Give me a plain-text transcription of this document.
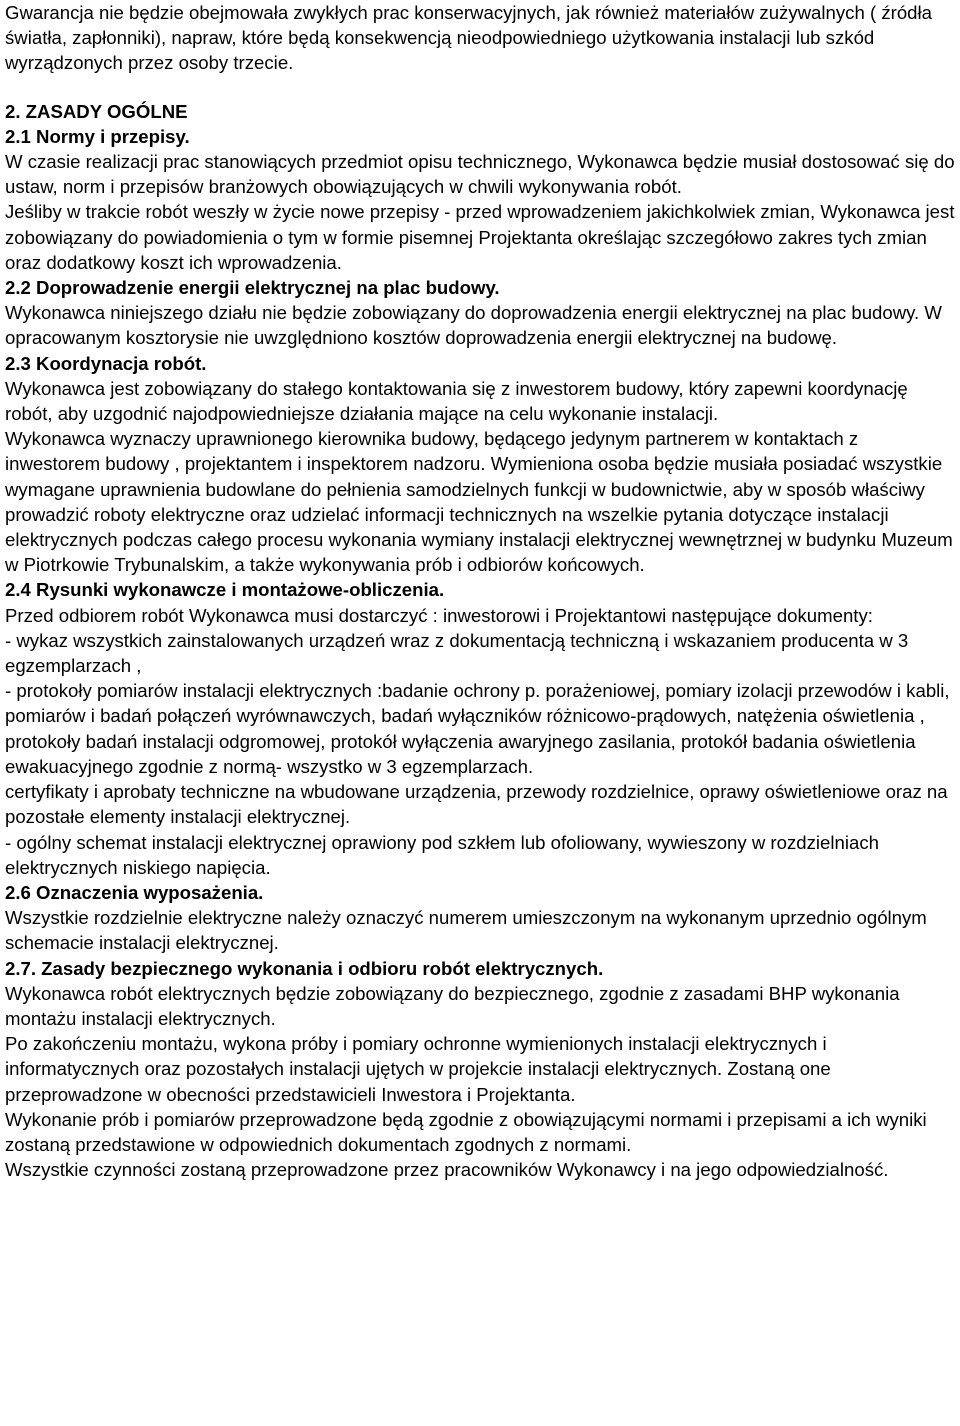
Gwarancja nie będzie obejmowała zwykłych prac konserwacyjnych, jak również materiałów zużywalnych ( źródła światła, zapłonniki), napraw, które będą konsekwencją nieodpowiedniego użytkowania instalacji lub szkód wyrządzonych przez osoby trzecie.

2. ZASADY OGÓLNE

2.1 Normy i przepisy.

W czasie realizacji prac stanowiących przedmiot opisu technicznego, Wykonawca będzie musiał dostosować się do ustaw, norm i przepisów branżowych obowiązujących w chwili wykonywania robót.

Jeśliby w trakcie robót weszły w życie nowe przepisy - przed wprowadzeniem jakichkolwiek zmian, Wykonawca jest zobowiązany do powiadomienia o tym w formie pisemnej Projektanta określając szczegółowo zakres tych zmian oraz dodatkowy koszt ich wprowadzenia.

2.2 Doprowadzenie energii elektrycznej na plac budowy.

Wykonawca niniejszego działu nie będzie zobowiązany do doprowadzenia energii elektrycznej na plac budowy. W opracowanym kosztorysie nie uwzględniono kosztów doprowadzenia energii elektrycznej na budowę.

2.3 Koordynacja robót.

Wykonawca jest zobowiązany do stałego kontaktowania się z inwestorem budowy, który zapewni koordynację robót, aby uzgodnić najodpowiedniejsze działania mające na celu wykonanie instalacji.

Wykonawca wyznaczy uprawnionego kierownika budowy, będącego jedynym partnerem w kontaktach z inwestorem budowy , projektantem i inspektorem nadzoru. Wymieniona osoba będzie musiała posiadać wszystkie wymagane uprawnienia budowlane do pełnienia samodzielnych funkcji w budownictwie, aby w sposób właściwy prowadzić roboty elektryczne oraz udzielać informacji technicznych na wszelkie pytania dotyczące instalacji elektrycznych podczas całego procesu wykonania wymiany instalacji elektrycznej wewnętrznej w budynku Muzeum w Piotrkowie Trybunalskim, a także wykonywania prób i odbiorów końcowych.

2.4 Rysunki wykonawcze i montażowe-obliczenia.

Przed odbiorem robót Wykonawca musi dostarczyć : inwestorowi i Projektantowi następujące dokumenty:

- wykaz wszystkich zainstalowanych urządzeń wraz z dokumentacją techniczną i wskazaniem producenta w 3 egzemplarzach ,

- protokoły pomiarów instalacji elektrycznych :badanie ochrony p. porażeniowej, pomiary izolacji przewodów i kabli, pomiarów i badań połączeń wyrównawczych, badań wyłączników różnicowo-prądowych, natężenia oświetlenia , protokoły badań instalacji odgromowej, protokół wyłączenia awaryjnego zasilania, protokół badania oświetlenia ewakuacyjnego zgodnie z normą- wszystko w 3 egzemplarzach.

certyfikaty i aprobaty techniczne na wbudowane urządzenia, przewody rozdzielnice, oprawy oświetleniowe oraz na pozostałe elementy instalacji elektrycznej.

- ogólny schemat instalacji elektrycznej oprawiony pod szkłem lub ofoliowany, wywieszony w rozdzielniach elektrycznych niskiego napięcia.

2.6 Oznaczenia wyposażenia.

Wszystkie rozdzielnie elektryczne należy oznaczyć numerem umieszczonym na wykonanym uprzednio ogólnym schemacie instalacji elektrycznej.

2.7. Zasady bezpiecznego wykonania i odbioru robót elektrycznych.

Wykonawca robót elektrycznych będzie zobowiązany do bezpiecznego, zgodnie z zasadami BHP wykonania montażu instalacji elektrycznych.

Po zakończeniu montażu, wykona próby i pomiary ochronne wymienionych instalacji elektrycznych i informatycznych oraz pozostałych instalacji ujętych w projekcie instalacji elektrycznych. Zostaną one przeprowadzone w obecności przedstawicieli Inwestora i Projektanta.

Wykonanie prób i pomiarów przeprowadzone będą zgodnie z obowiązującymi normami i przepisami a ich wyniki zostaną przedstawione w odpowiednich dokumentach zgodnych z normami.

Wszystkie czynności zostaną przeprowadzone przez pracowników Wykonawcy i na jego odpowiedzialność.
